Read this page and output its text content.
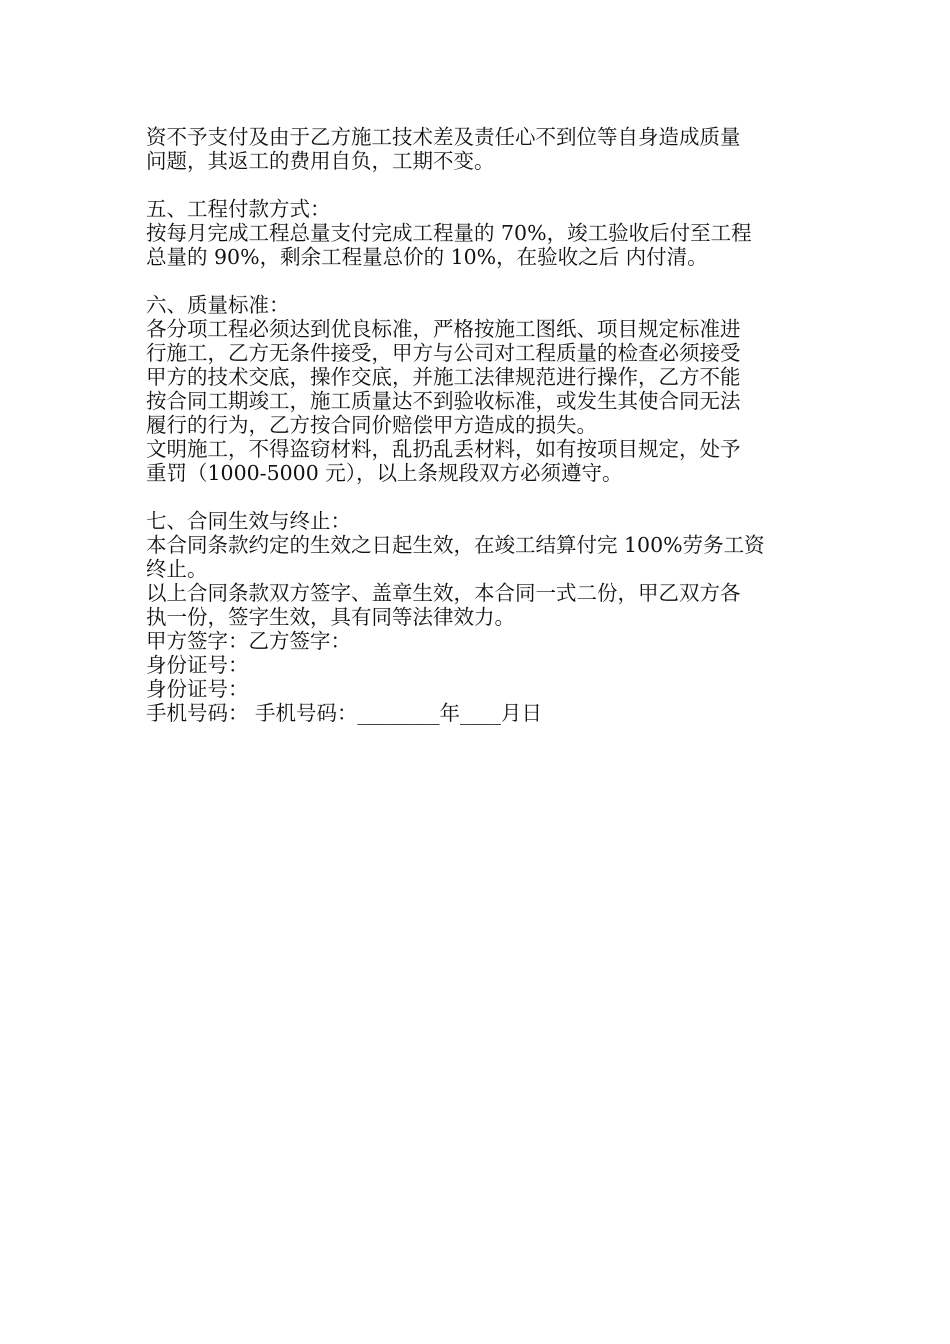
资不予支付及由于乙方施工技术差及责任心不到位等自身造成质量
问题，其返工的费用自负，工期不变。
五、工程付款方式：
按每月完成工程总量支付完成工程量的 70%，竣工验收后付至工程
总量的 90%，剩余工程量总价的 10%，在验收之后 内付清。
六、质量标准：
各分项工程必须达到优良标准，严格按施工图纸、项目规定标准进
行施工，乙方无条件接受，甲方与公司对工程质量的检查必须接受
甲方的技术交底，操作交底，并施工法律规范进行操作，乙方不能
按合同工期竣工，施工质量达不到验收标准，或发生其使合同无法
履行的行为，乙方按合同价赔偿甲方造成的损失。
文明施工，不得盗窃材料，乱扔乱丢材料，如有按项目规定，处予
重罚（1000-5000 元），以上条规段双方必须遵守。
七、合同生效与终止：
本合同条款约定的生效之日起生效，在竣工结算付完 100%劳务工资
终止。
以上合同条款双方签字、盖章生效，本合同一式二份，甲乙双方各
执一份，签字生效，具有同等法律效力。
甲方签字：乙方签字：
身份证号：
身份证号：
手机号码： 手机号码：________年____月日
